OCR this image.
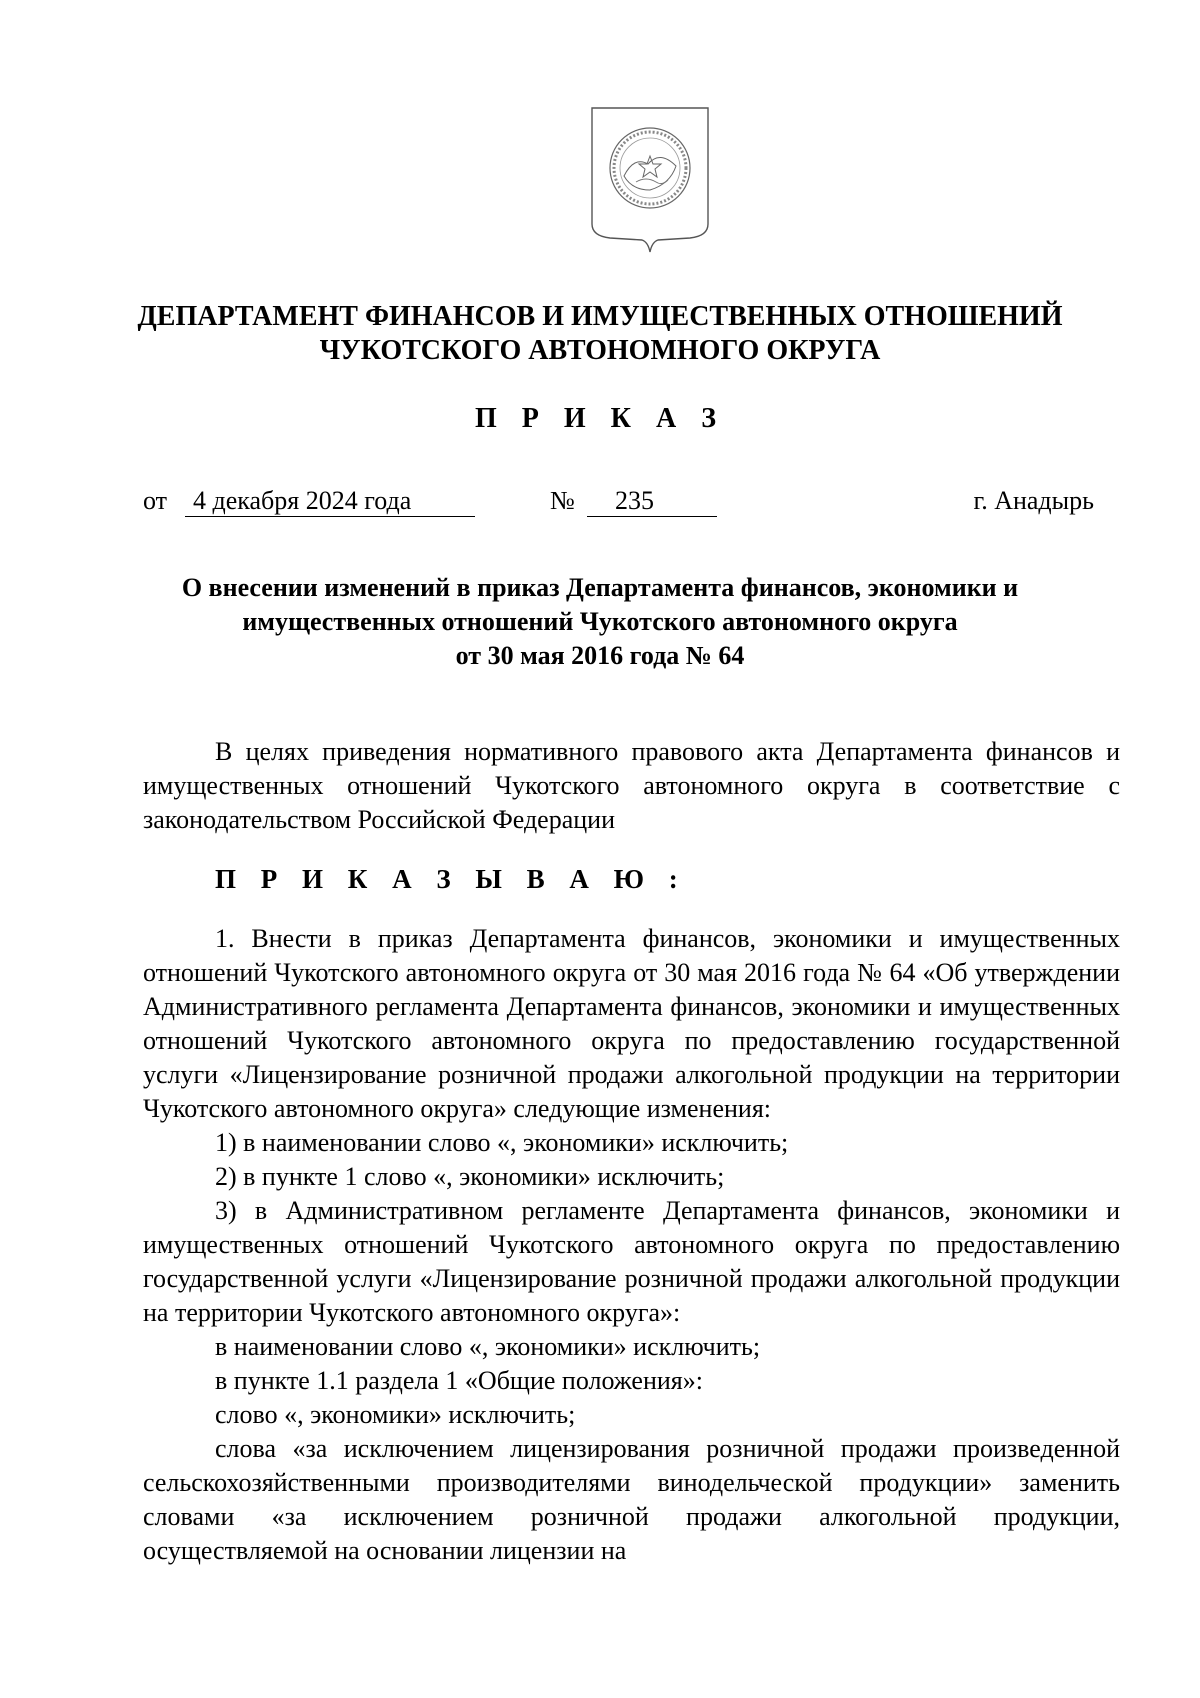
ДЕПАРТАМЕНТ ФИНАНСОВ И ИМУЩЕСТВЕННЫХ ОТНОШЕНИЙ
ЧУКОТСКОГО АВТОНОМНОГО ОКРУГА
П Р И К А З
от 4 декабря 2024 года	№	235	г. Анадырь
О внесении изменений в приказ Департамента финансов, экономики и
имущественных отношений Чукотского автономного округа
от 30 мая 2016 года № 64

В целях приведения нормативного правового акта Департамента финансов и имущественных отношений Чукотского автономного округа в соответствие с законодательством Российской Федерации

П Р И К А З Ы В А Ю :

1. Внести в приказ Департамента финансов, экономики и имущественных отношений Чукотского автономного округа от 30 мая 2016 года № 64 «Об утверждении Административного регламента Департамента финансов, экономики и имущественных отношений Чукотского автономного округа по предоставлению государственной услуги «Лицензирование розничной продажи алкогольной продукции на территории Чукотского автономного округа» следующие изменения:

1) в наименовании слово «, экономики» исключить;

2) в пункте 1 слово «, экономики» исключить;

3) в Административном регламенте Департамента финансов, экономики и имущественных отношений Чукотского автономного округа по предоставлению государственной услуги «Лицензирование розничной продажи алкогольной продукции на территории Чукотского автономного округа»:

в наименовании слово «, экономики» исключить;

в пункте 1.1 раздела 1 «Общие положения»:

слово «, экономики» исключить;

слова «за исключением лицензирования розничной продажи произведенной сельскохозяйственными производителями винодельческой продукции» заменить словами «за исключением розничной продажи алкогольной продукции, осуществляемой на основании лицензии на
